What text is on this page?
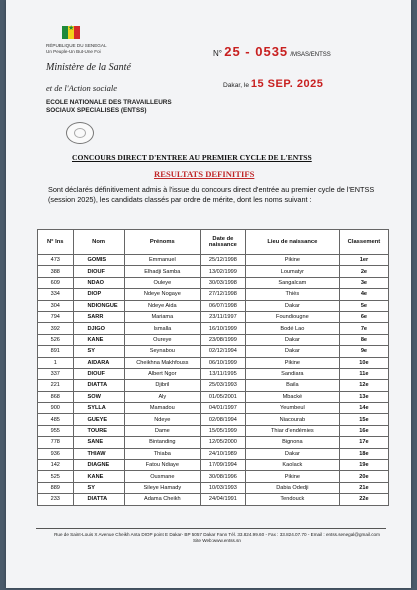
★
RÉPUBLIQUE DU SENEGAL
Un Peuple-Un But-Une Foi
Ministère de la Santé
et de l'Action sociale
ECOLE NATIONALE DES TRAVAILLEURS
SOCIAUX SPECIALISES (ENTSS)
N° 25 - 0535 /MSAS/ENTSS
Dakar, le 15 SEP. 2025
CONCOURS DIRECT D'ENTREE AU PREMIER CYCLE DE L'ENTSS
RESULTATS DEFINITIFS
Sont déclarés définitivement admis à l'issue du concours direct d'entrée au premier cycle de l'ENTSS (session 2025), les candidats classés par ordre de mérite, dont les noms suivant :
N° Ins	Nom	Prénoms	Date de naissance	Lieu de naissance	Classement
473	GOMIS	Emmanuel	25/12/1998	Pikine	1er
388	DIOUF	Elhadji Samba	13/02/1999	Loumatyr	2e
609	NDAO	Ouleye	30/03/1998	Sangalcam	3e
334	DIOP	Ndeye Nogaye	27/12/1998	Thiès	4e
304	NDIONGUE	Ndeye Aida	06/07/1998	Dakar	5e
794	SARR	Mariama	23/11/1997	Foundiougne	6e
392	DJIGO	Ismalla	16/10/1999	Bodé Lao	7e
526	KANE	Oureye	23/08/1999	Dakar	8e
891	SY	Seynabou	02/12/1994	Dakar	9e
1	AIDARA	Cheikhna Makhfouss	06/10/1999	Pikine	10e
337	DIOUF	Albert Ngor	13/11/1995	Sandiara	11e
221	DIATTA	Djibril	25/03/1993	Baila	12e
868	SOW	Aly	01/05/2001	Mbacké	13e
900	SYLLA	Mamadou	04/01/1997	Yeumbeul	14e
485	GUEYE	Ndeye	02/08/1994	Niacourab	15e
955	TOURE	Dame	15/05/1999	Thiar d'endémies	16e
778	SANE	Bintanding	12/05/2000	Bignona	17e
936	THIAW	Thiaba	24/10/1989	Dakar	18e
142	DIAGNE	Fatou Ndiaye	17/09/1994	Kaolack	19e
525	KANE	Ousmane	30/08/1996	Pikine	20e
889	SY	Sileye Hamady	10/03/1993	Dabia Odedji	21e
233	DIATTA	Adama Cheikh	24/04/1991	Tendouck	22e
Rue de Saint-Louis X Avenue Cheikh Anta DIOP point E Dakar- BP 5057 Dakar Fann Tél. 33.824.99.60 - Fax : 33.824.07.70 - Email : entss.senegal@gmail.com Site Web:www.entss.sn
